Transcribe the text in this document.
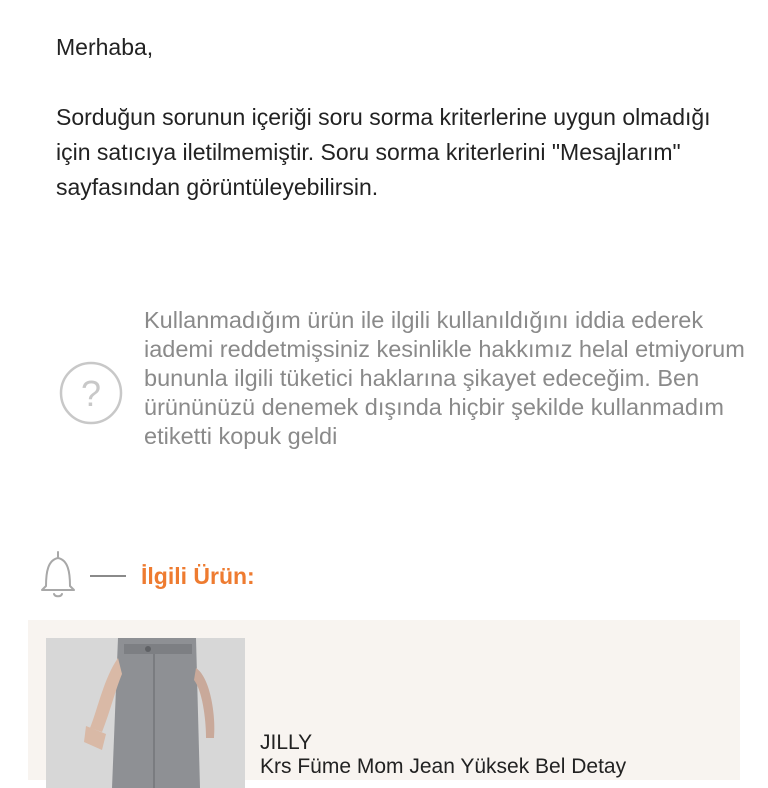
Merhaba,
Sorduğun sorunun içeriği soru sorma kriterlerine uygun olmadığı için satıcıya iletilmemiştir. Soru sorma kriterlerini "Mesajlarım" sayfasından görüntüleyebilirsin.
?
Kullanmadığım ürün ile ilgili kullanıldığını iddia ederek iademi reddetmişsiniz kesinlikle hakkımız helal etmiyorum bununla ilgili tüketici haklarına şikayet edeceğim. Ben ürününüzü denemek dışında hiçbir şekilde kullanmadım etiketti kopuk geldi
İlgili Ürün:
JILLY
Krs Füme Mom Jean Yüksek Bel Detay
